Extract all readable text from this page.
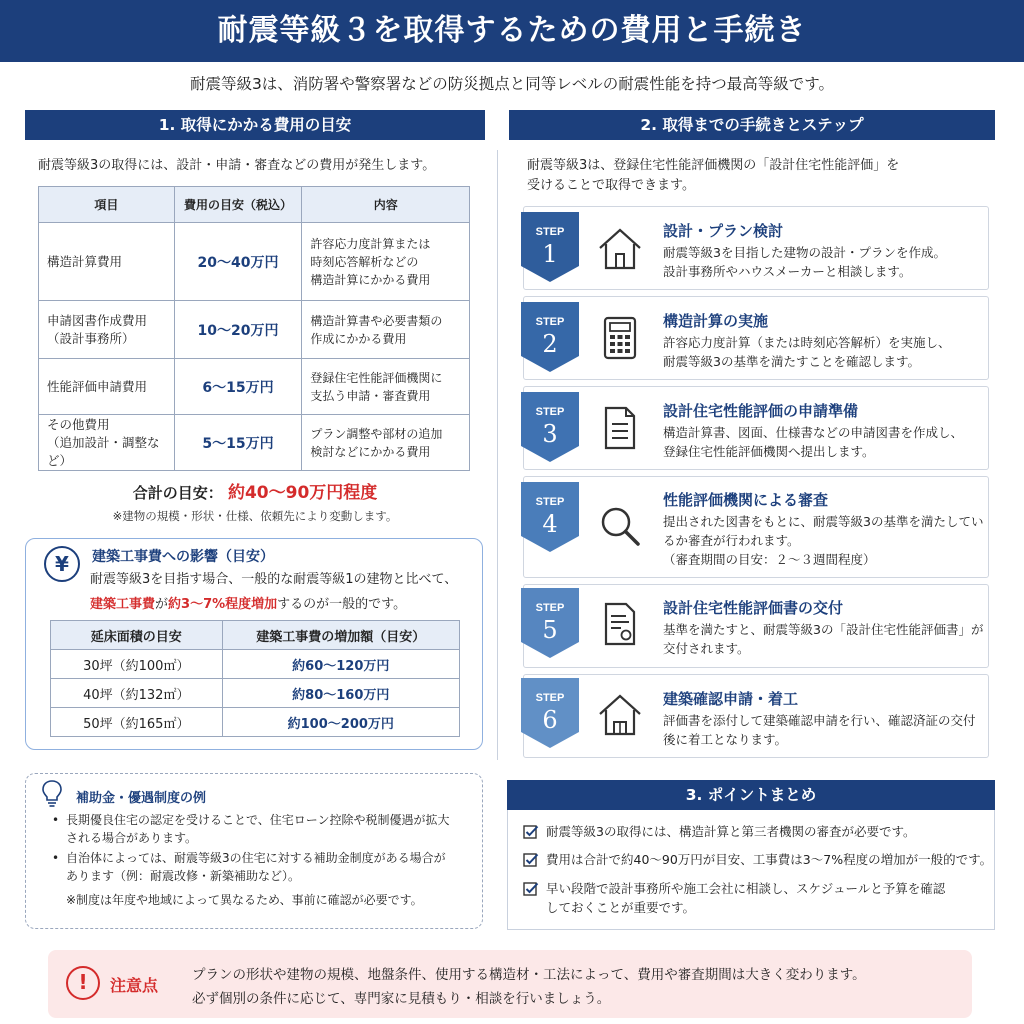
耐震等級３を取得するための費用と手続き
耐震等級3は、消防署や警察署などの防災拠点と同等レベルの耐震性能を持つ最高等級です。
1. 取得にかかる費用の目安
耐震等級3の取得には、設計・申請・審査などの費用が発生します。
項目	費用の目安（税込）	内容
構造計算費用	20〜40万円	許容応力度計算または
時刻応答解析などの
構造計算にかかる費用
申請図書作成費用
（設計事務所）	10〜20万円	構造計算書や必要書類の
作成にかかる費用
性能評価申請費用	6〜15万円	登録住宅性能評価機関に
支払う申請・審査費用
その他費用
（追加設計・調整など）	5〜15万円	プラン調整や部材の追加
検討などにかかる費用
合計の目安： 約40〜90万円程度
※建物の規模・形状・仕様、依頼先により変動します。
¥	建築工事費への影響（目安）
耐震等級3を目指す場合、一般的な耐震等級1の建物と比べて、
建築工事費が約3〜7%程度増加するのが一般的です。
延床面積の目安	建築工事費の増加額（目安）
30坪（約100㎡）	約60〜120万円
40坪（約132㎡）	約80〜160万円
50坪（約165㎡）	約100〜200万円
補助金・優遇制度の例
• 長期優良住宅の認定を受けることで、住宅ローン控除や税制優遇が拡大
される場合があります。
• 自治体によっては、耐震等級3の住宅に対する補助金制度がある場合が
あります（例：耐震改修・新築補助など）。
※制度は年度や地域によって異なるため、事前に確認が必要です。
2. 取得までの手続きとステップ
耐震等級3は、登録住宅性能評価機関の「設計住宅性能評価」を
受けることで取得できます。
STEP
1
STEP
2
STEP
3
STEP
4
STEP
5
STEP
6
設計・プラン検討
耐震等級3を目指した建物の設計・プランを作成。
設計事務所やハウスメーカーと相談します。
構造計算の実施
許容応力度計算（または時刻応答解析）を実施し、
耐震等級3の基準を満たすことを確認します。
設計住宅性能評価の申請準備
構造計算書、図面、仕様書などの申請図書を作成し、
登録住宅性能評価機関へ提出します。
性能評価機関による審査
提出された図書をもとに、耐震等級3の基準を満たしてい
るか審査が行われます。
（審査期間の目安：２〜３週間程度）
設計住宅性能評価書の交付
基準を満たすと、耐震等級3の「設計住宅性能評価書」が
交付されます。
建築確認申請・着工
評価書を添付して建築確認申請を行い、確認済証の交付
後に着工となります。
3. ポイントまとめ
耐震等級3の取得には、構造計算と第三者機関の審査が必要です。
費用は合計で約40〜90万円が目安、工事費は3〜7%程度の増加が一般的です。
早い段階で設計事務所や施工会社に相談し、スケジュールと予算を確認
しておくことが重要です。
!	注意点
プランの形状や建物の規模、地盤条件、使用する構造材・工法によって、費用や審査期間は大きく変わります。
必ず個別の条件に応じて、専門家に見積もり・相談を行いましょう。
